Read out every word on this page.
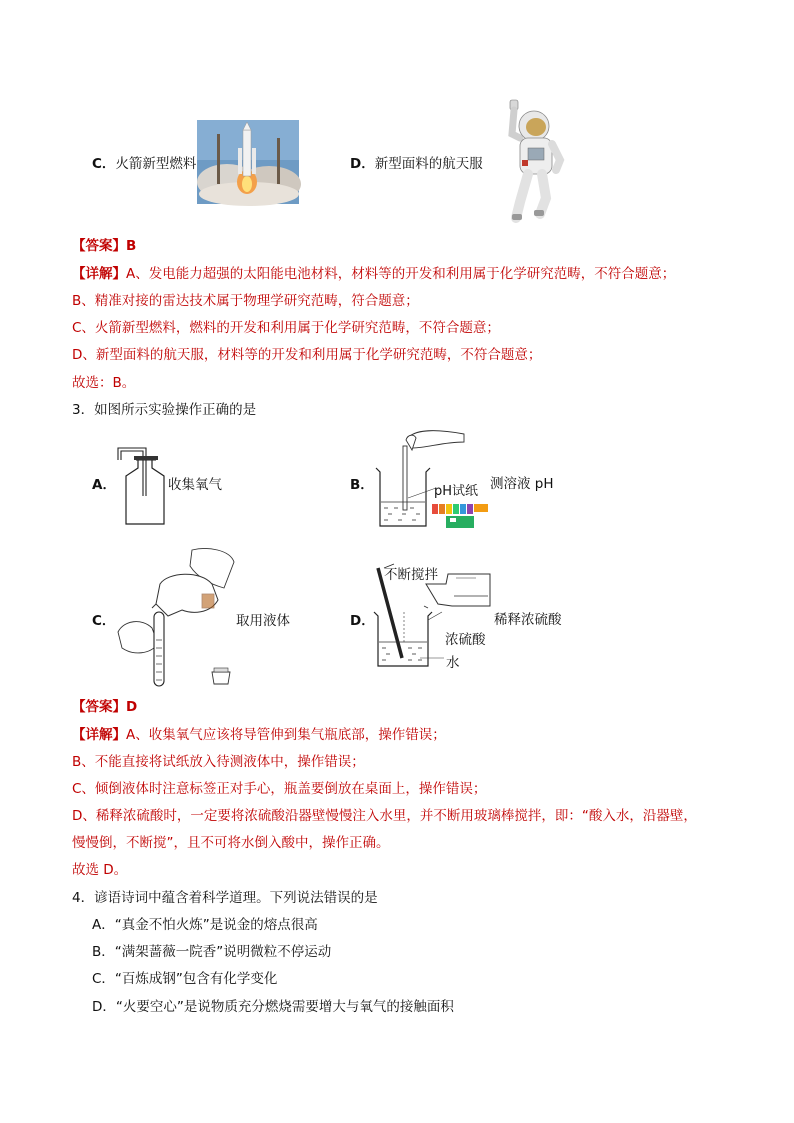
C．火箭新型燃料	D．新型面料的航天服
【答案】B
【详解】A、发电能力超强的太阳能电池材料，材料等的开发和利用属于化学研究范畴，不符合题意；
B、精准对接的雷达技术属于物理学研究范畴，符合题意；
C、火箭新型燃料，燃料的开发和利用属于化学研究范畴，不符合题意；
D、新型面料的航天服，材料等的开发和利用属于化学研究范畴，不符合题意；
故选：B。
3．如图所示实验操作正确的是
A．	收集氧气	B．	pH试纸 测溶液 pH
C．	取用液体	D．
不断搅拌
稀释浓硫酸
浓硫酸
水
【答案】D
【详解】A、收集氧气应该将导管伸到集气瓶底部，操作错误；
B、不能直接将试纸放入待测液体中，操作错误；
C、倾倒液体时注意标签正对手心，瓶盖要倒放在桌面上，操作错误；
D、稀释浓硫酸时，一定要将浓硫酸沿器壁慢慢注入水里，并不断用玻璃棒搅拌，即：“酸入水，沿器壁，
慢慢倒，不断搅”，且不可将水倒入酸中，操作正确。
故选 D。
4．谚语诗词中蕴含着科学道理。下列说法错误的是
A．“真金不怕火炼”是说金的熔点很高
B．“满架蔷薇一院香”说明微粒不停运动
C．“百炼成钢”包含有化学变化
D．“火要空心”是说物质充分燃烧需要增大与氧气的接触面积
